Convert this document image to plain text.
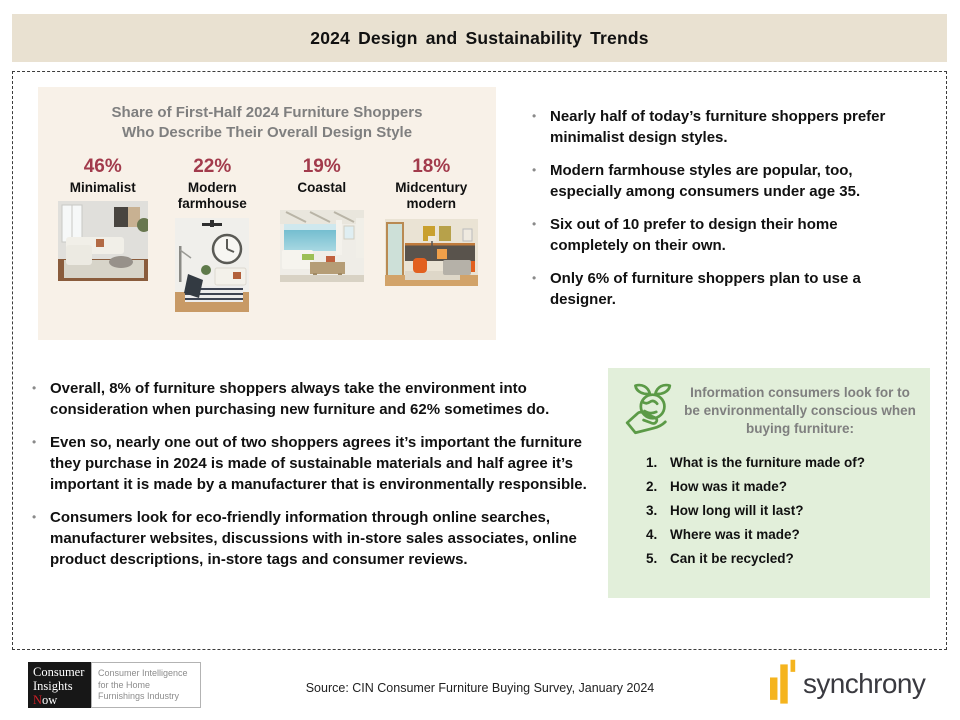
2024 Design and Sustainability Trends
Share of First-Half 2024 Furniture Shoppers
Who Describe Their Overall Design Style
46%
Minimalist
22%
Modern farmhouse
19%
Coastal
18%
Midcentury modern
• Nearly half of today’s furniture shoppers prefer minimalist design styles.
• Modern farmhouse styles are popular, too, especially among consumers under age 35.
• Six out of 10 prefer to design their home completely on their own.
• Only 6% of furniture shoppers plan to use a designer.
• Overall, 8% of furniture shoppers always take the environment into consideration when purchasing new furniture and 62% sometimes do.
• Even so, nearly one out of two shoppers agrees it’s important the furniture they purchase in 2024 is made of sustainable materials and half agree it’s important it is made by a manufacturer that is environmentally responsible.
• Consumers look for eco-friendly information through online searches, manufacturer websites, discussions with in-store sales associates, online product descriptions, in-store tags and consumer reviews.
Information consumers look for to be environmentally conscious when buying furniture:
1. What is the furniture made of?
2. How was it made?
3. How long will it last?
4. Where was it made?
5. Can it be recycled?
Consumer
Insights
Now
Consumer Intelligence
for the Home
Furnishings Industry
Source: CIN Consumer Furniture Buying Survey, January 2024	synchrony
